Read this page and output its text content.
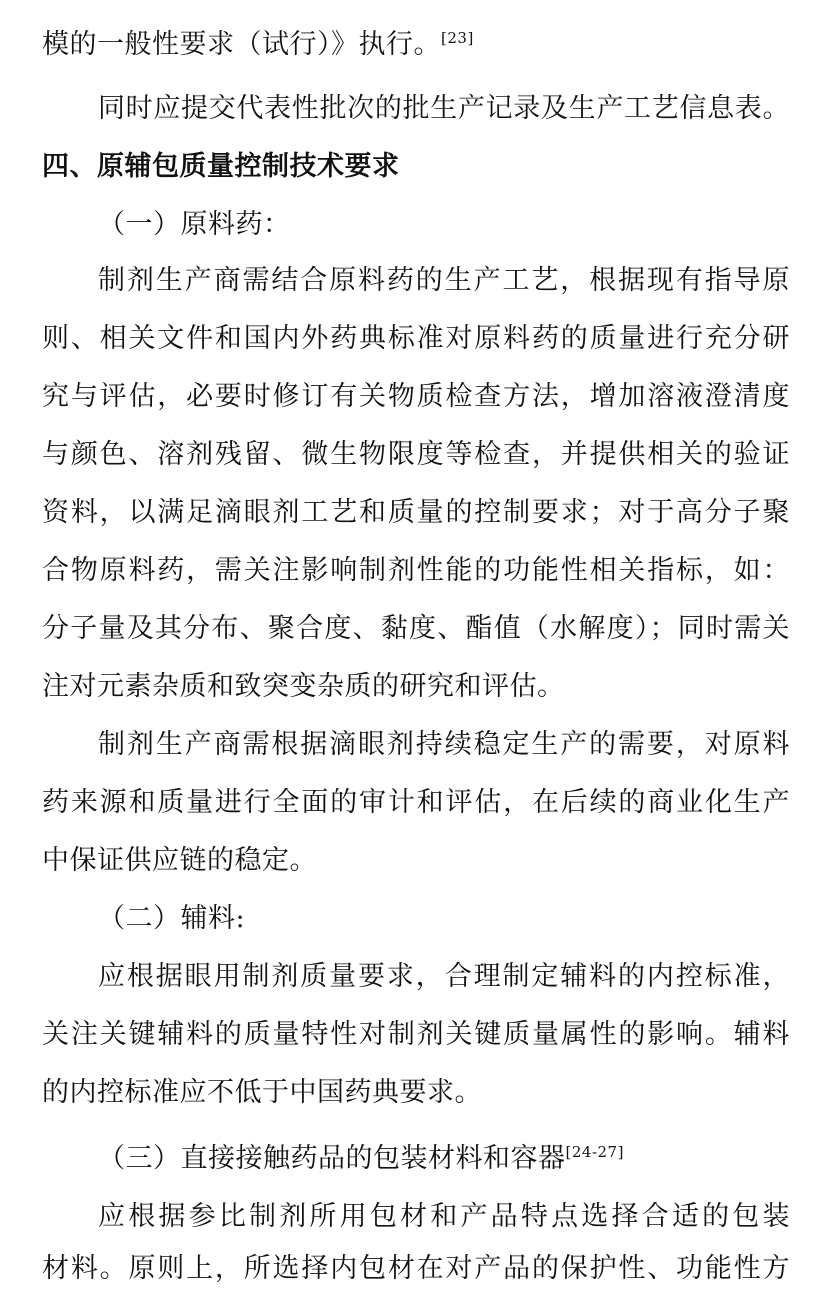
模的一般性要求（试行）》执行。[23]
同时应提交代表性批次的批生产记录及生产工艺信息表。
四、原辅包质量控制技术要求
（一）原料药：
制剂生产商需结合原料药的生产工艺，根据现有指导原
则、相关文件和国内外药典标准对原料药的质量进行充分研
究与评估，必要时修订有关物质检查方法，增加溶液澄清度
与颜色、溶剂残留、微生物限度等检查，并提供相关的验证
资料，以满足滴眼剂工艺和质量的控制要求；对于高分子聚
合物原料药，需关注影响制剂性能的功能性相关指标，如：
分子量及其分布、聚合度、黏度、酯值（水解度）；同时需关
注对元素杂质和致突变杂质的研究和评估。
制剂生产商需根据滴眼剂持续稳定生产的需要，对原料
药来源和质量进行全面的审计和评估，在后续的商业化生产
中保证供应链的稳定。
（二）辅料:
应根据眼用制剂质量要求，合理制定辅料的内控标准，
关注关键辅料的质量特性对制剂关键质量属性的影响。辅料
的内控标准应不低于中国药典要求。
（三）直接接触药品的包装材料和容器[24-27]
应根据参比制剂所用包材和产品特点选择合适的包装
材料。原则上，所选择内包材在对产品的保护性、功能性方
